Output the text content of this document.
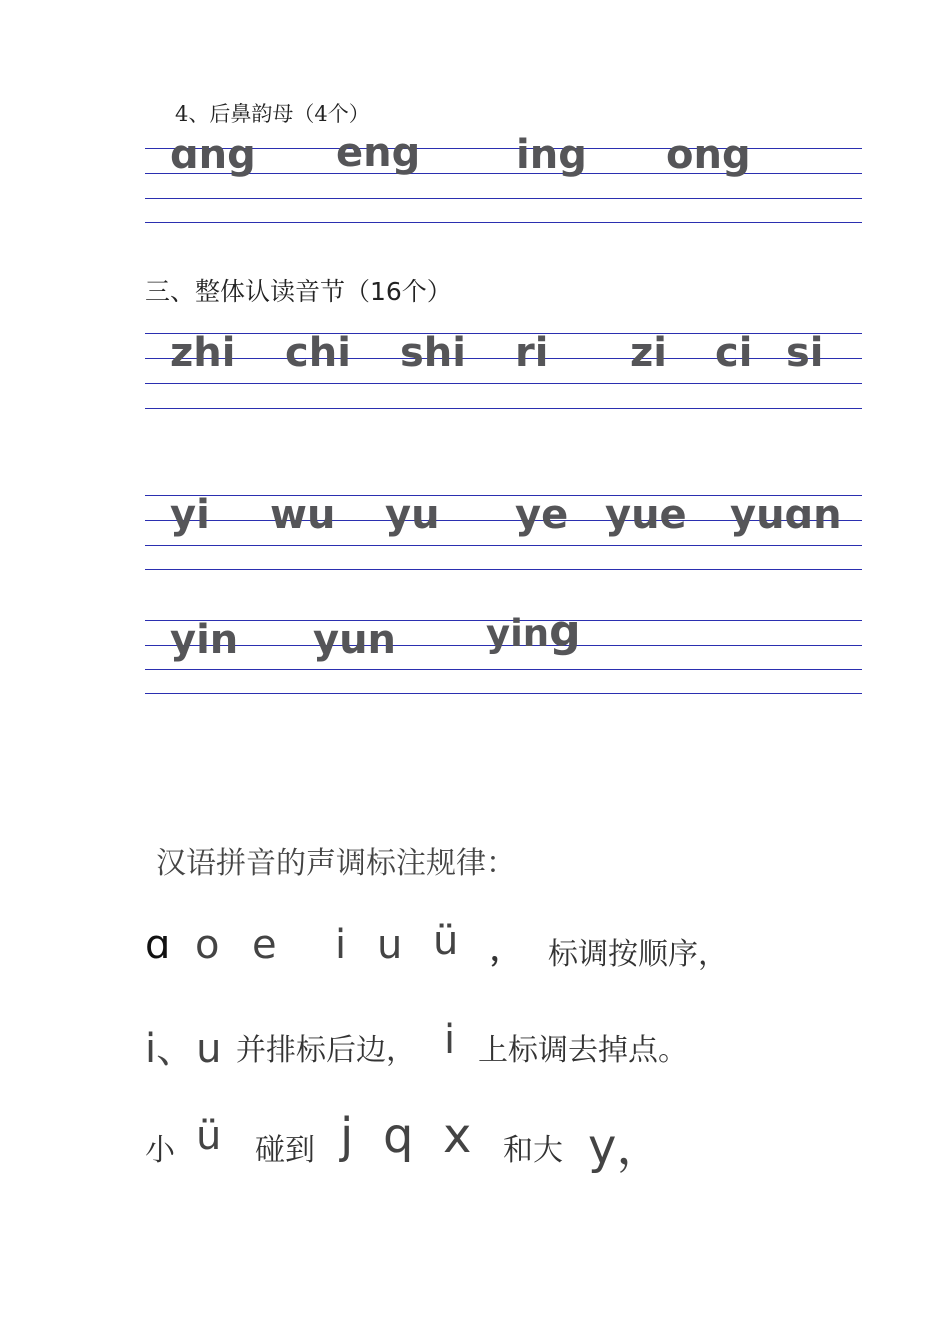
4、后鼻韵母（4个）
ɑng eng ing ong
三、整体认读音节（16个）
zhi chi shi ri zi ci si
yi wu yu ye yue yuɑn
yin yun ying
汉语拼音的声调标注规律：
ɑ o e i u ü ， 标调按顺序，
i、u 并排标后边， i 上标调去掉点。
小 ü 碰到 j q x 和大 y，
